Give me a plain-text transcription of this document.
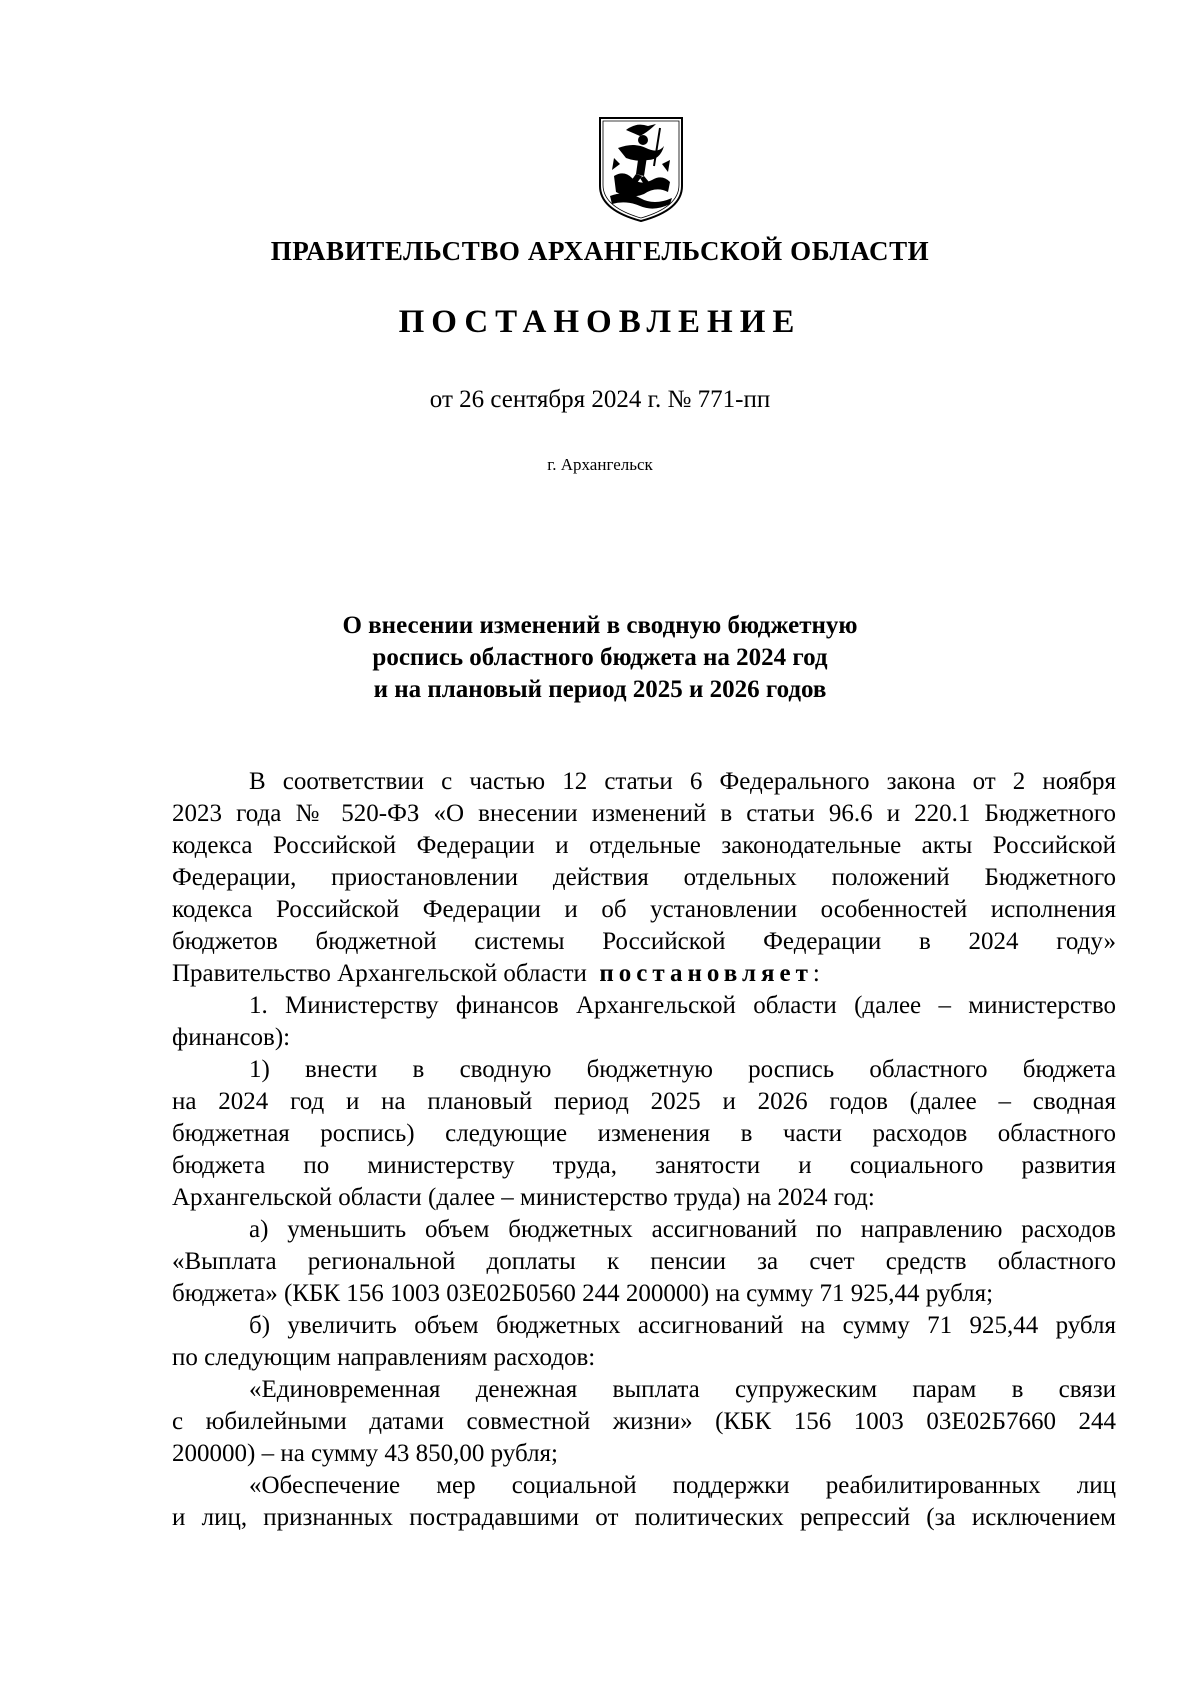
ПРАВИТЕЛЬСТВО АРХАНГЕЛЬСКОЙ ОБЛАСТИ
ПОСТАНОВЛЕНИЕ
от 26 сентября 2024 г. № 771-пп
г. Архангельск
О внесении изменений в сводную бюджетную
роспись областного бюджета на 2024 год
и на плановый период 2025 и 2026 годов
В соответствии с частью 12 статьи 6 Федерального закона от 2 ноября
2023 года № 520-ФЗ «О внесении изменений в статьи 96.6 и 220.1 Бюджетного
кодекса Российской Федерации и отдельные законодательные акты Российской
Федерации, приостановлении действия отдельных положений Бюджетного
кодекса Российской Федерации и об установлении особенностей исполнения
бюджетов бюджетной системы Российской Федерации в 2024 году»
Правительство Архангельской области постановляет:
1. Министерству финансов Архангельской области (далее – министерство
финансов):
1) внести в сводную бюджетную роспись областного бюджета
на 2024 год и на плановый период 2025 и 2026 годов (далее – сводная
бюджетная роспись) следующие изменения в части расходов областного
бюджета по министерству труда, занятости и социального развития
Архангельской области (далее – министерство труда) на 2024 год:
а) уменьшить объем бюджетных ассигнований по направлению расходов
«Выплата региональной доплаты к пенсии за счет средств областного
бюджета» (КБК 156 1003 03Е02Б0560 244 200000) на сумму 71 925,44 рубля;
б) увеличить объем бюджетных ассигнований на сумму 71 925,44 рубля
по следующим направлениям расходов:
«Единовременная денежная выплата супружеским парам в связи
с юбилейными датами совместной жизни» (КБК 156 1003 03Е02Б7660 244
200000) – на сумму 43 850,00 рубля;
«Обеспечение мер социальной поддержки реабилитированных лиц
и лиц, признанных пострадавшими от политических репрессий (за исключением
